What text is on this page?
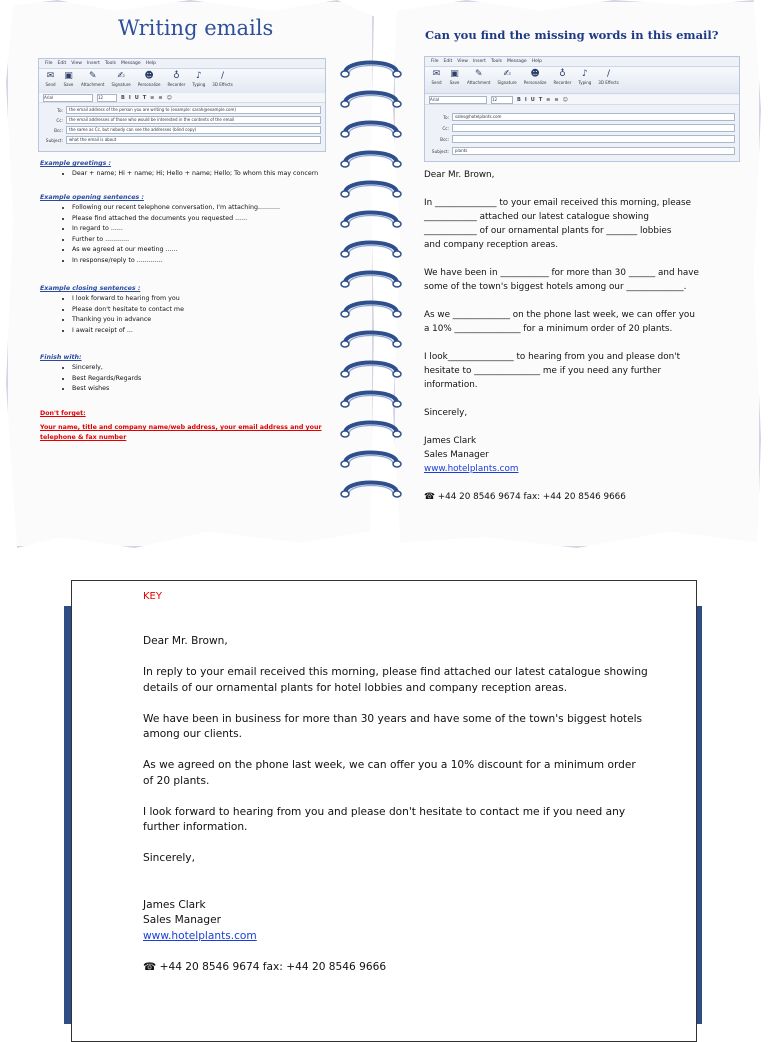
Writing emails
File Edit View Insert Tools Message Help
✉
Send
▣
Save
✎
Attachment
✍
Signature
☻
Personalize
♁
Recorder
♪
Typing
/
3D Effects
Arial	12	B I U T ≡ ≡ ☺
To:	the email address of the person you are writing to (example: sarah@example.com)
Cc:	the email addresses of those who would be interested in the contents of the email
Bcc:	the same as Cc, but nobody can see the addresses (blind copy)
Subject:	what the email is about
Example greetings :
• Dear + name; Hi + name; Hi; Hello + name; Hello; To whom this may concern
Example opening sentences :
• Following our recent telephone conversation, I'm attaching...........
• Please find attached the documents you requested ......
• In regard to ......
• Further to ............
• As we agreed at our meeting ......
• In response/reply to .............
Example closing sentences :
• I look forward to hearing from you
• Please don't hesitate to contact me
• Thanking you in advance
• I await receipt of ...
Finish with:
• Sincerely,
• Best Regards/Regards
• Best wishes
Don't forget:
Your name, title and company name/web address, your email address and your telephone & fax number
Can you find the missing words in this email?
File Edit View Insert Tools Message Help
✉
Send
▣
Save
✎
Attachment
✍
Signature
☻
Personalize
♁
Recorder
♪
Typing
/
3D Effects
Arial	12	B I U T ≡ ≡ ☺
To:	sales@hotelplants.com
Cc:
Bcc:
Subject:	plants

Dear Mr. Brown,

In ______________ to your email received this morning, please

____________ attached our latest catalogue showing

____________ of our ornamental plants for _______ lobbies

and company reception areas.

We have been in ___________ for more than 30 ______ and have

some of the town's biggest hotels among our _____________.

As we _____________ on the phone last week, we can offer you

a 10% _______________ for a minimum order of 20 plants.

I look_______________ to hearing from you and please don't

hesitate to _______________ me if you need any further

information.

Sincerely,

James Clark

Sales Manager

www.hotelplants.com

☎ +44 20 8546 9674 fax: +44 20 8546 9666

KEY

Dear Mr. Brown,

In reply to your email received this morning, please find attached our latest catalogue showing

details of our ornamental plants for hotel lobbies and company reception areas.

We have been in business for more than 30 years and have some of the town's biggest hotels

among our clients.

As we agreed on the phone last week, we can offer you a 10% discount for a minimum order

of 20 plants.

I look forward to hearing from you and please don't hesitate to contact me if you need any

further information.

Sincerely,

James Clark

Sales Manager

www.hotelplants.com

☎ +44 20 8546 9674 fax: +44 20 8546 9666
